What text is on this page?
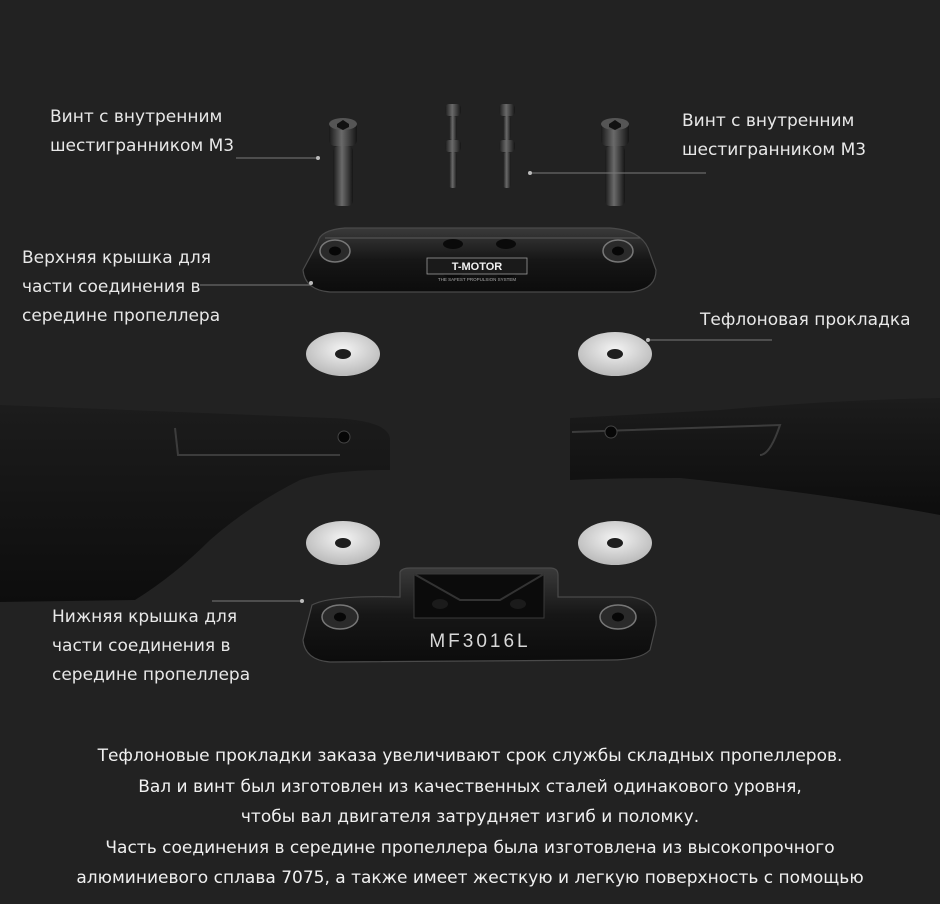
T-MOTOR
THE SAFEST PROPULSION SYSTEM
MF3016L
Винт с внутренним
шестигранником M3
Винт с внутренним
шестигранником M3
Верхняя крышка для
части соединения в
середине пропеллера	Тефлоновая прокладка
Нижняя крышка для
части соединения в
середине пропеллера
Тефлоновые прокладки заказа увеличивают срок службы складных пропеллеров.
Вал и винт был изготовлен из качественных сталей одинакового уровня,
чтобы вал двигателя затрудняет изгиб и поломку.
Часть соединения в середине пропеллера была изготовлена из высокопрочного
алюминиевого сплава 7075, а также имеет жесткую и легкую поверхность с помощью
